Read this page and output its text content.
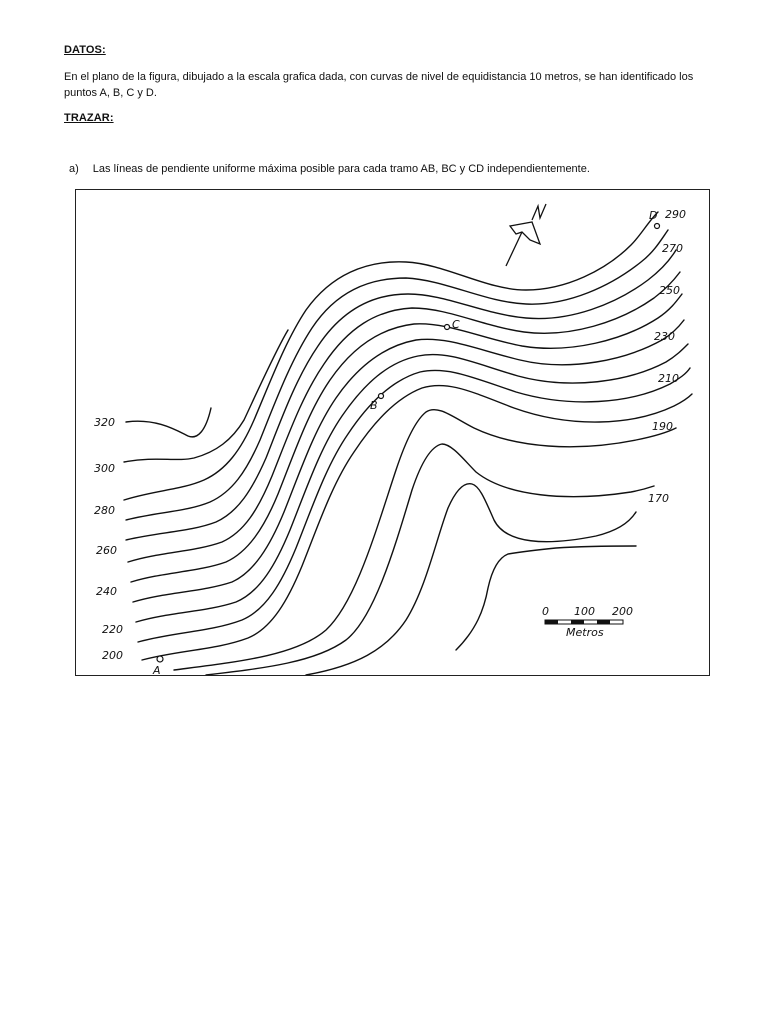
DATOS:
En el plano de la figura, dibujado a la escala grafica dada, con curvas de nivel de equidistancia 10 metros, se han identificado los puntos A, B, C y D.
TRAZAR:
a) Las líneas de pendiente uniforme máxima posible para cada tramo AB, BC y CD independientemente.
320
300
280
260
240
220
200
290
270
250
230
210
190
170
A
B
C
D
0 100 200
Metros
